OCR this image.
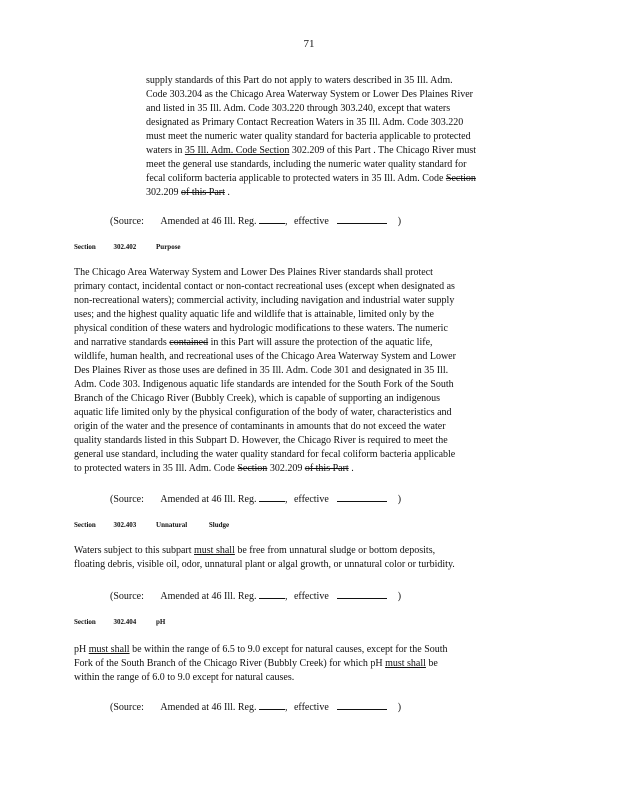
71
supply standards of this Part do not apply to waters described in 35 Ill. Adm.
Code 303.204 as the Chicago Area Waterway System or Lower Des Plaines River
and listed in 35 Ill. Adm. Code 303.220 through 303.240, except that waters
designated as Primary Contact Recreation Waters in 35 Ill. Adm. Code 303.220
must meet the numeric water quality standard for bacteria applicable to protected
waters in 35 Ill. Adm. Code Section 302.209 of this Part . The Chicago River must
meet the general use standards, including the numeric water quality standard for
fecal coliform bacteria applicable to protected waters in 35 Ill. Adm. Code Section
302.209 of this Part .
(Source: Amended at 46 Ill. Reg.	, effective	)
Section	302.402	Purpose
The Chicago Area Waterway System and Lower Des Plaines River standards shall protect
primary contact, incidental contact or non-contact recreational uses (except when designated as
non-recreational waters); commercial activity, including navigation and industrial water supply
uses; and the highest quality aquatic life and wildlife that is attainable, limited only by the
physical condition of these waters and hydrologic modifications to these waters. The numeric
and narrative standards contained in this Part will assure the protection of the aquatic life,
wildlife, human health, and recreational uses of the Chicago Area Waterway System and Lower
Des Plaines River as those uses are defined in 35 Ill. Adm. Code 301 and designated in 35 Ill.
Adm. Code 303. Indigenous aquatic life standards are intended for the South Fork of the South
Branch of the Chicago River (Bubbly Creek), which is capable of supporting an indigenous
aquatic life limited only by the physical configuration of the body of water, characteristics and
origin of the water and the presence of contaminants in amounts that do not exceed the water
quality standards listed in this Subpart D. However, the Chicago River is required to meet the
general use standard, including the water quality standard for fecal coliform bacteria applicable
to protected waters in 35 Ill. Adm. Code Section 302.209 of this Part .
(Source: Amended at 46 Ill. Reg.	, effective	)
Section	302.403	Unnatural Sludge
Waters subject to this subpart must shall be free from unnatural sludge or bottom deposits,
floating debris, visible oil, odor, unnatural plant or algal growth, or unnatural color or turbidity.
(Source: Amended at 46 Ill. Reg.	, effective	)
Section	302.404	pH
pH must shall be within the range of 6.5 to 9.0 except for natural causes, except for the South
Fork of the South Branch of the Chicago River (Bubbly Creek) for which pH must shall be
within the range of 6.0 to 9.0 except for natural causes.
(Source: Amended at 46 Ill. Reg.	, effective	)
